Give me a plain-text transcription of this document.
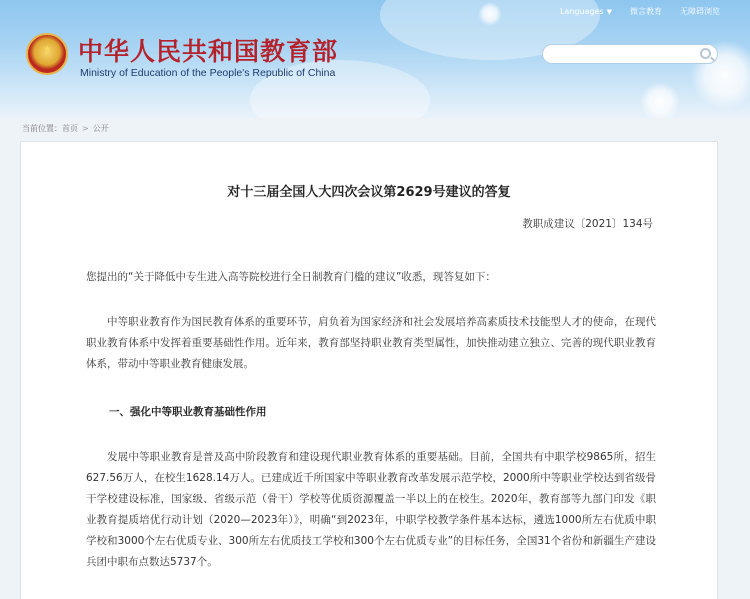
Languages ▼ 微言教育 无障碍浏览
★ 中华人民共和国教育部
Ministry of Education of the People's Republic of China
当前位置：首页 > 公开
对十三届全国人大四次会议第2629号建议的答复
教职成建议〔2021〕134号
您提出的“关于降低中专生进入高等院校进行全日制教育门槛的建议”收悉，现答复如下：
中等职业教育作为国民教育体系的重要环节，肩负着为国家经济和社会发展培养高素质技术技能型人才的使命，在现代职业教育体系中发挥着重要基础性作用。近年来，教育部坚持职业教育类型属性，加快推动建立独立、完善的现代职业教育体系，带动中等职业教育健康发展。
一、强化中等职业教育基础性作用
发展中等职业教育是普及高中阶段教育和建设现代职业教育体系的重要基础。目前，全国共有中职学校9865所，招生627.56万人，在校生1628.14万人。已建成近千所国家中等职业教育改革发展示范学校，2000所中等职业学校达到省级骨干学校建设标准，国家级、省级示范（骨干）学校等优质资源覆盖一半以上的在校生。2020年，教育部等九部门印发《职业教育提质培优行动计划（2020—2023年）》，明确“到2023年，中职学校教学条件基本达标，遴选1000所左右优质中职学校和3000个左右优质专业、300所左右优质技工学校和300个左右优质专业”的目标任务，全国31个省份和新疆生产建设兵团中职布点数达5737个。
